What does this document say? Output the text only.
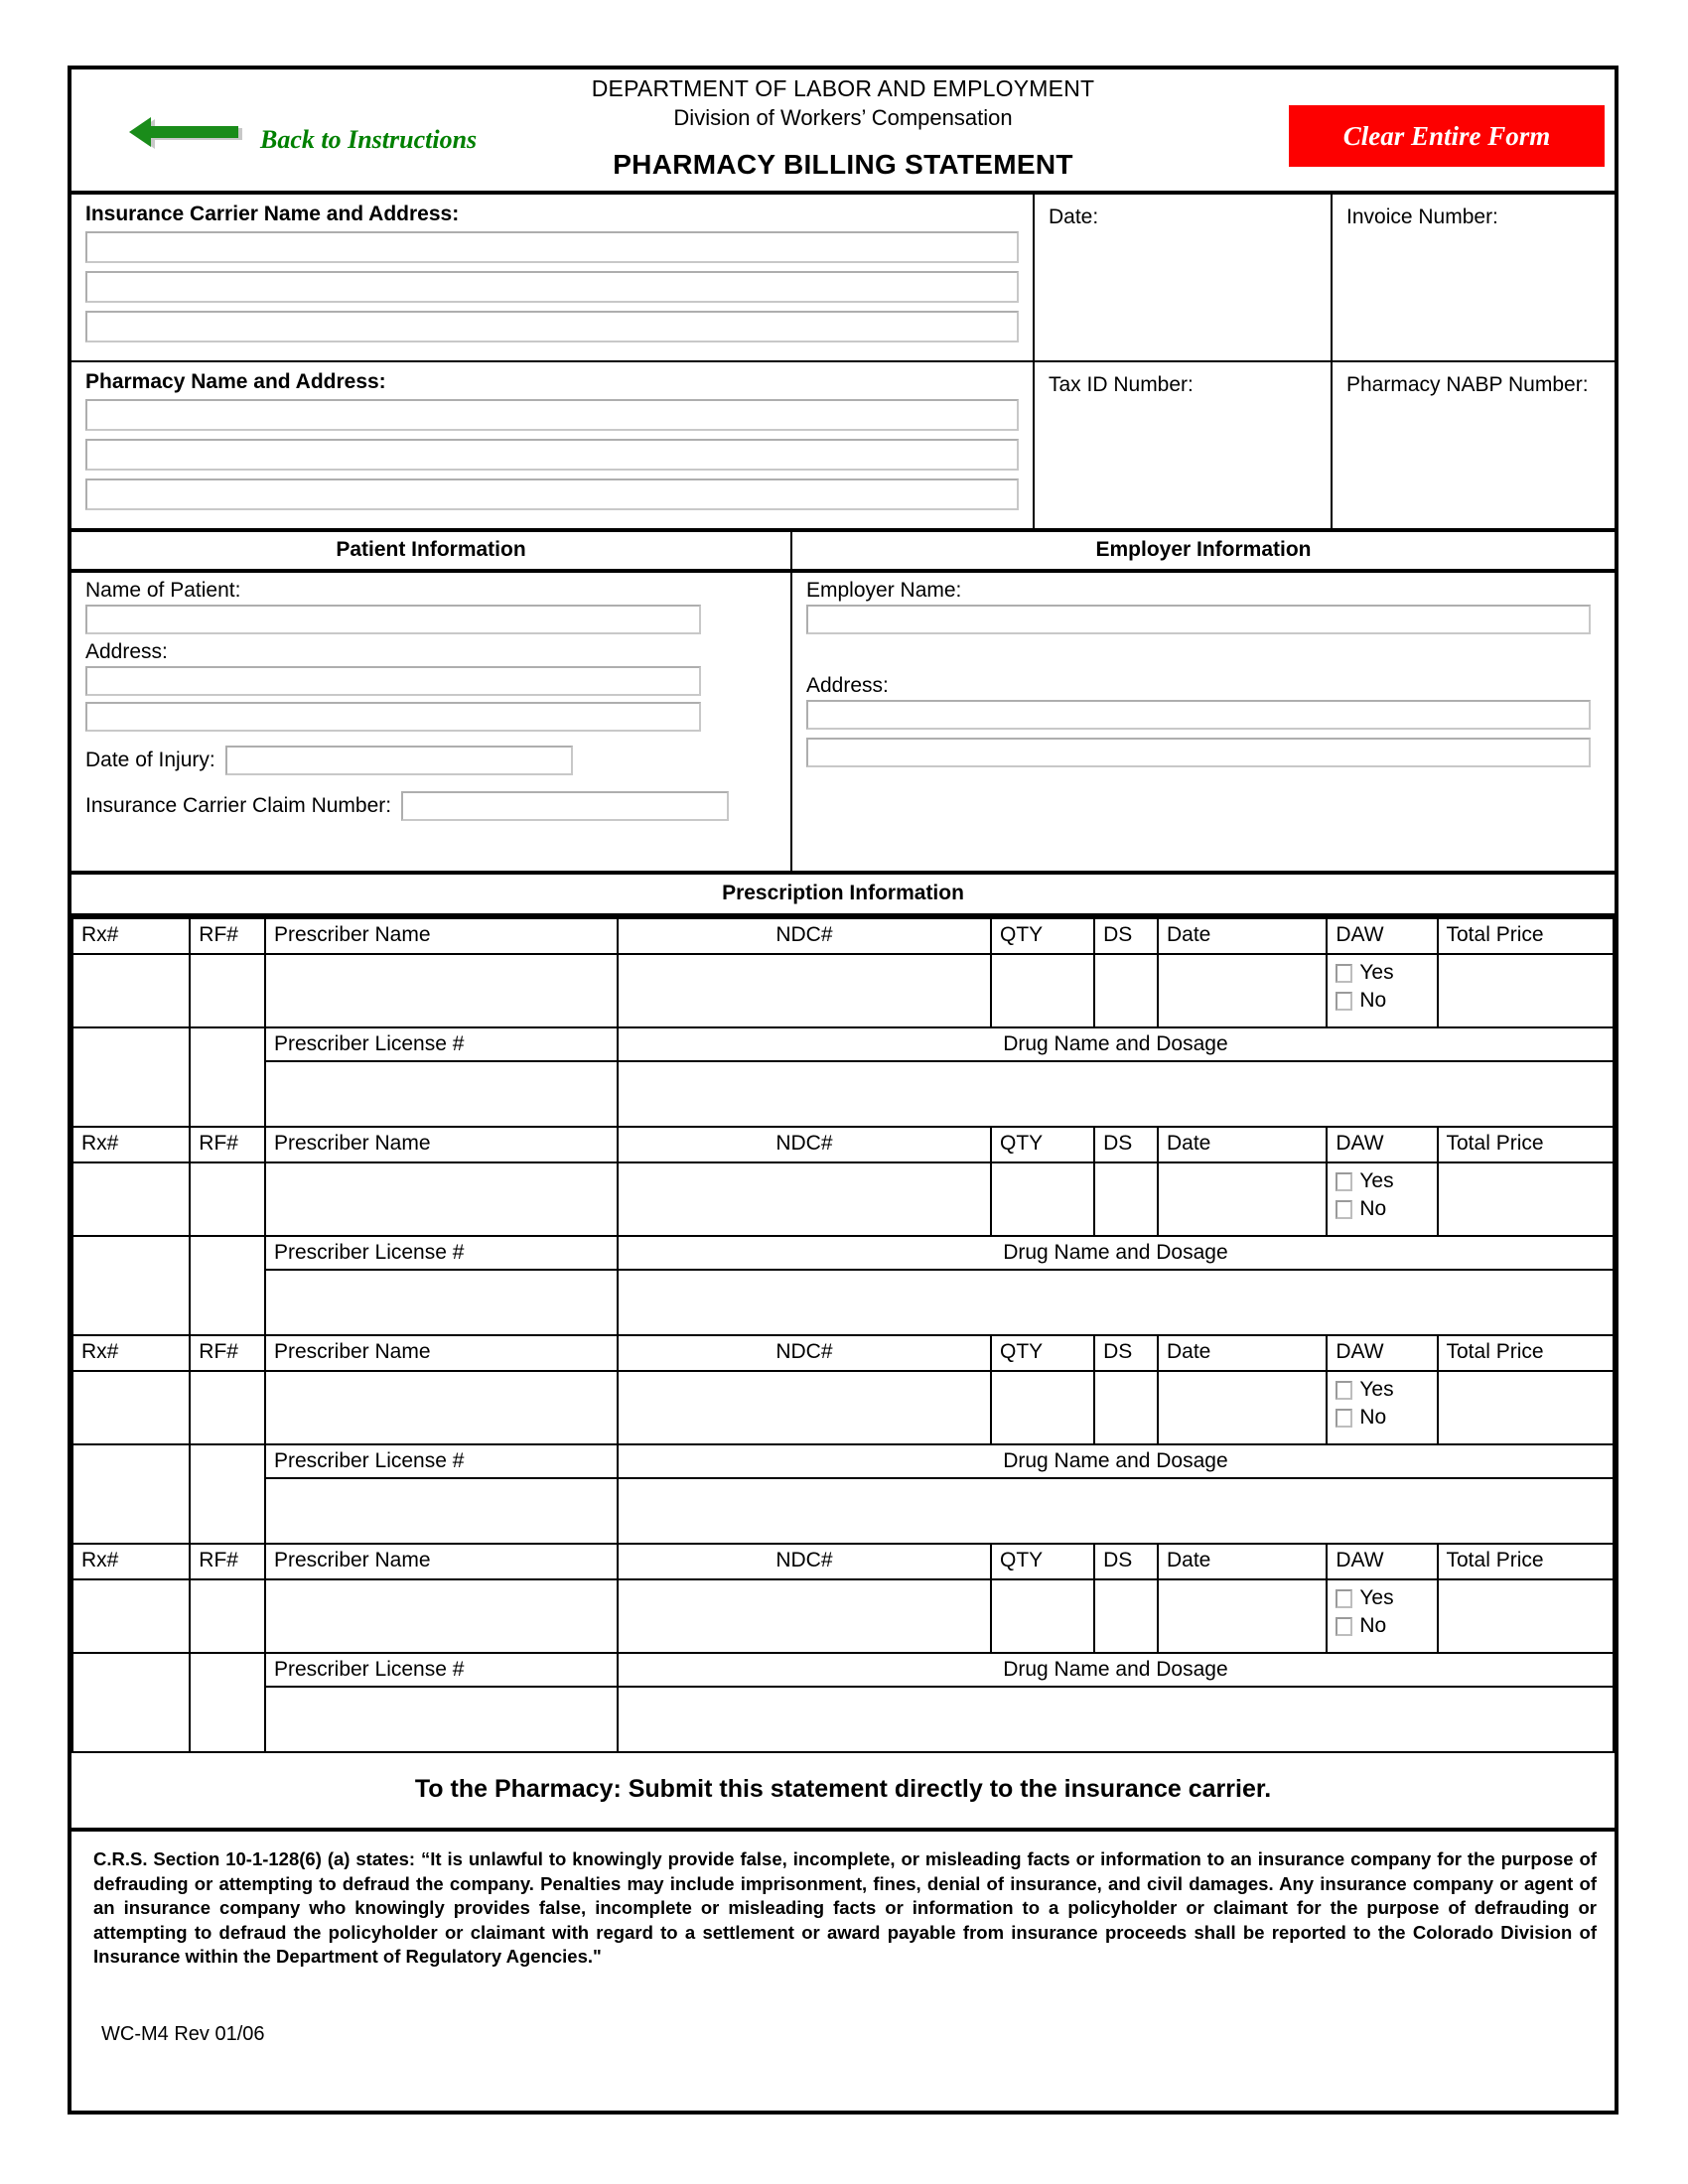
DEPARTMENT OF LABOR AND EMPLOYMENT
Division of Workers’ Compensation
PHARMACY BILLING STATEMENT
Back to Instructions	Clear Entire Form
Insurance Carrier Name and Address:	Date:	Invoice Number:
Pharmacy Name and Address:	Tax ID Number:	Pharmacy NABP Number:
Patient Information	Employer Information
Name of Patient:
Address:
Date of Injury:
Insurance Carrier Claim Number:
Employer Name:
Address:
Prescription Information
Rx#	RF#	Prescriber Name	NDC#	QTY	DS	Date	DAW	Total Price

							Yes
No	

		Prescriber License #	Drug Name and Dosage					

Rx#	RF#	Prescriber Name	NDC#	QTY	DS	Date	DAW	Total Price

							Yes
No	

		Prescriber License #	Drug Name and Dosage					

Rx#	RF#	Prescriber Name	NDC#	QTY	DS	Date	DAW	Total Price

							Yes
No	

		Prescriber License #	Drug Name and Dosage					

Rx#	RF#	Prescriber Name	NDC#	QTY	DS	Date	DAW	Total Price

							Yes
No	

		Prescriber License #	Drug Name and Dosage					

To the Pharmacy: Submit this statement directly to the insurance carrier.
C.R.S. Section 10-1-128(6) (a) states: “It is unlawful to knowingly provide false, incomplete, or misleading facts or information to an insurance company for the purpose of defrauding or attempting to defraud the company. Penalties may include imprisonment, fines, denial of insurance, and civil damages. Any insurance company or agent of an insurance company who knowingly provides false, incomplete or misleading facts or information to a policyholder or claimant for the purpose of defrauding or attempting to defraud the policyholder or claimant with regard to a settlement or award payable from insurance proceeds shall be reported to the Colorado Division of Insurance within the Department of Regulatory Agencies."
WC-M4 Rev 01/06
